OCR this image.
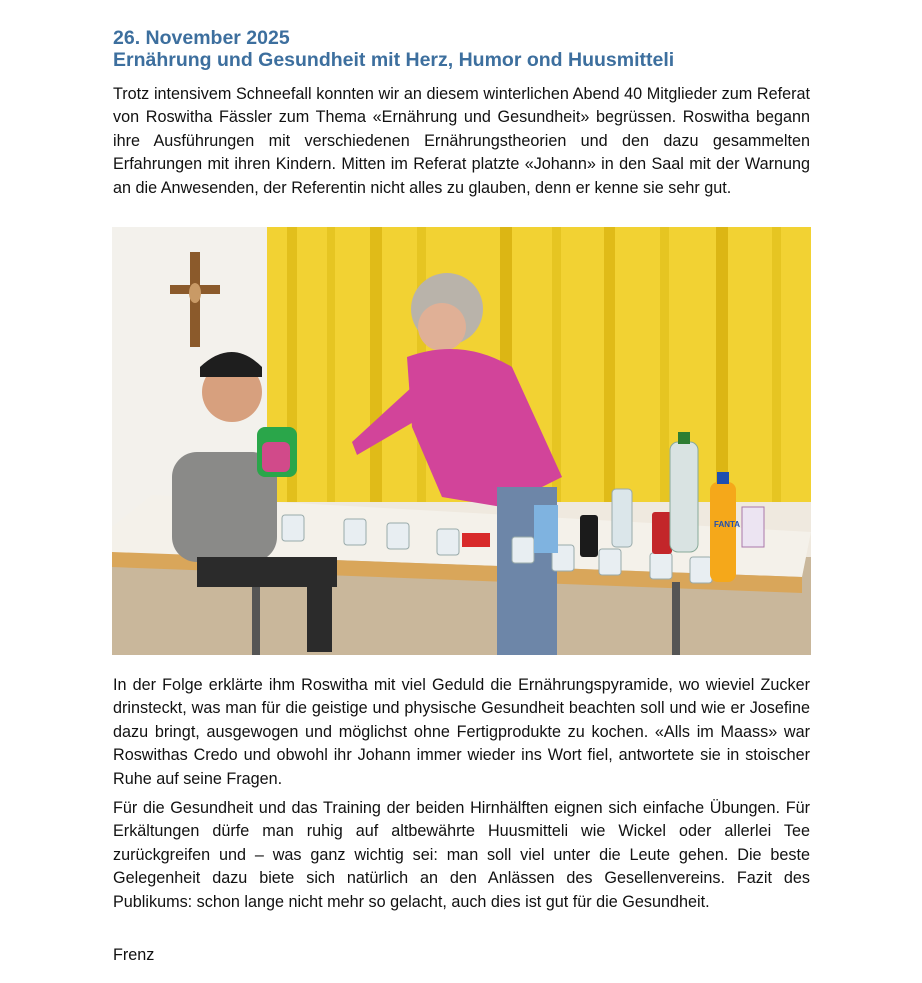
26. November 2025
Ernährung und Gesundheit mit Herz, Humor ond Huusmitteli

Trotz intensivem Schneefall konnten wir an diesem winterlichen Abend 40 Mitglieder zum Referat von Roswitha Fässler zum Thema «Ernährung und Gesundheit» begrüssen. Roswitha begann ihre Ausführungen mit verschiedenen Ernährungstheorien und den dazu gesammelten Erfahrungen mit ihren Kindern. Mitten im Referat platzte «Johann» in den Saal mit der Warnung an die Anwesenden, der Referentin nicht alles zu glauben, denn er kenne sie sehr gut.

FANTA

In der Folge erklärte ihm Roswitha mit viel Geduld die Ernährungspyramide, wo wieviel Zucker drinsteckt, was man für die geistige und physische Gesundheit beachten soll und wie er Josefine dazu bringt, ausgewogen und möglichst ohne Fertigprodukte zu kochen. «Alls im Maass» war Roswithas Credo und obwohl ihr Johann immer wieder ins Wort fiel, antwortete sie in stoischer Ruhe auf seine Fragen.

Für die Gesundheit und das Training der beiden Hirnhälften eignen sich einfache Übungen. Für Erkältungen dürfe man ruhig auf altbewährte Huusmitteli wie Wickel oder allerlei Tee zurückgreifen und – was ganz wichtig sei: man soll viel unter die Leute gehen. Die beste Gelegenheit dazu biete sich natürlich an den Anlässen des Gesellenvereins. Fazit des Publikums: schon lange nicht mehr so gelacht, auch dies ist gut für die Gesundheit.

Frenz
